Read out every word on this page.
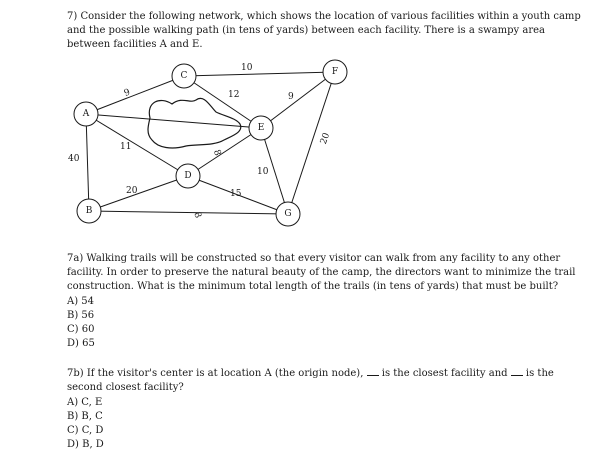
7) Consider the following network, which shows the location of various facilities within a youth camp and the possible walking path (in tens of yards) between each facility. There is a swampy area between facilities A and E.
9
10
12	9
20
11
8
40
10
20	15
8
A
B
C
D
E
F
G
7a) Walking trails will be constructed so that every visitor can walk from any facility to any other facility. In order to preserve the natural beauty of the camp, the directors want to minimize the trail construction. What is the minimum total length of the trails (in tens of yards) that must be built?
A) 54
B) 56
C) 60
D) 65
7b) If the visitor's center is at location A (the origin node), is the closest facility and is the second closest facility?
A) C, E
B) B, C
C) C, D
D) B, D
